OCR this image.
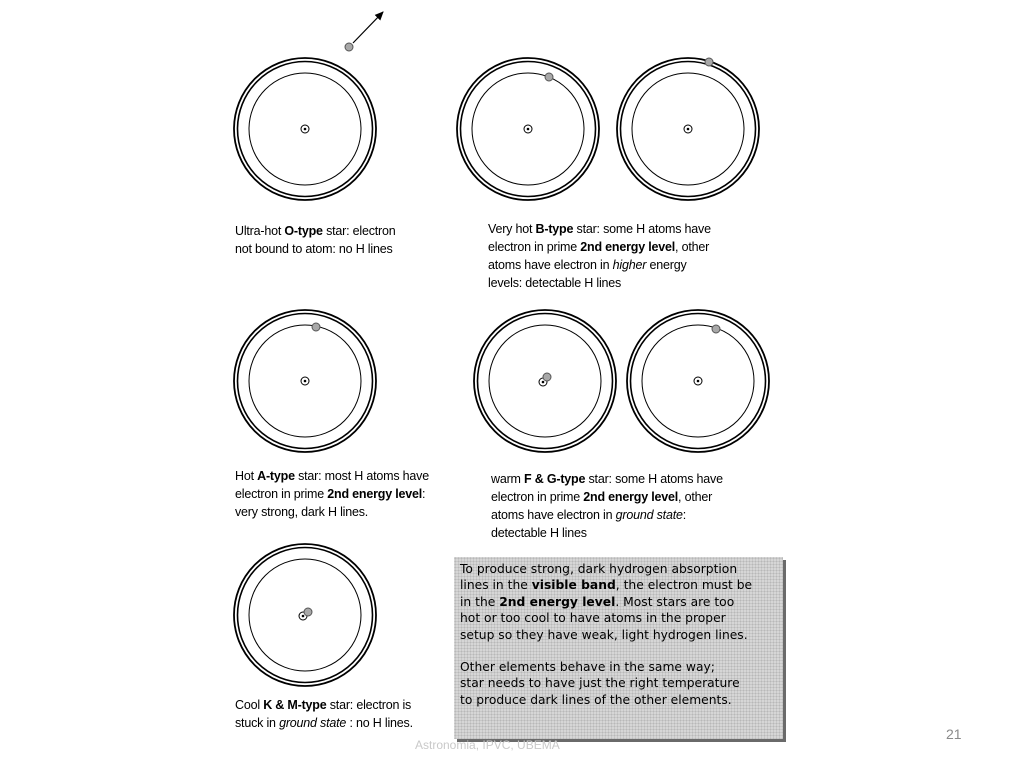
Ultra-hot O-type star: electron
not bound to atom: no H lines
Very hot B-type star: some H atoms have
electron in prime 2nd energy level, other
atoms have electron in higher energy
levels: detectable H lines
Hot A-type star: most H atoms have
electron in prime 2nd energy level:
very strong, dark H lines.
warm F & G-type star: some H atoms have
electron in prime 2nd energy level, other
atoms have electron in ground state:
detectable H lines
Cool K & M-type star: electron is
stuck in ground state : no H lines.

To produce strong, dark hydrogen absorption
lines in the visible band, the electron must be
in the 2nd energy level. Most stars are too
hot or too cool to have atoms in the proper
setup so they have weak, light hydrogen lines.

Other elements behave in the same way;
star needs to have just the right temperature
to produce dark lines of the other elements.

Astronomia, IPVC, UBEMA
21
